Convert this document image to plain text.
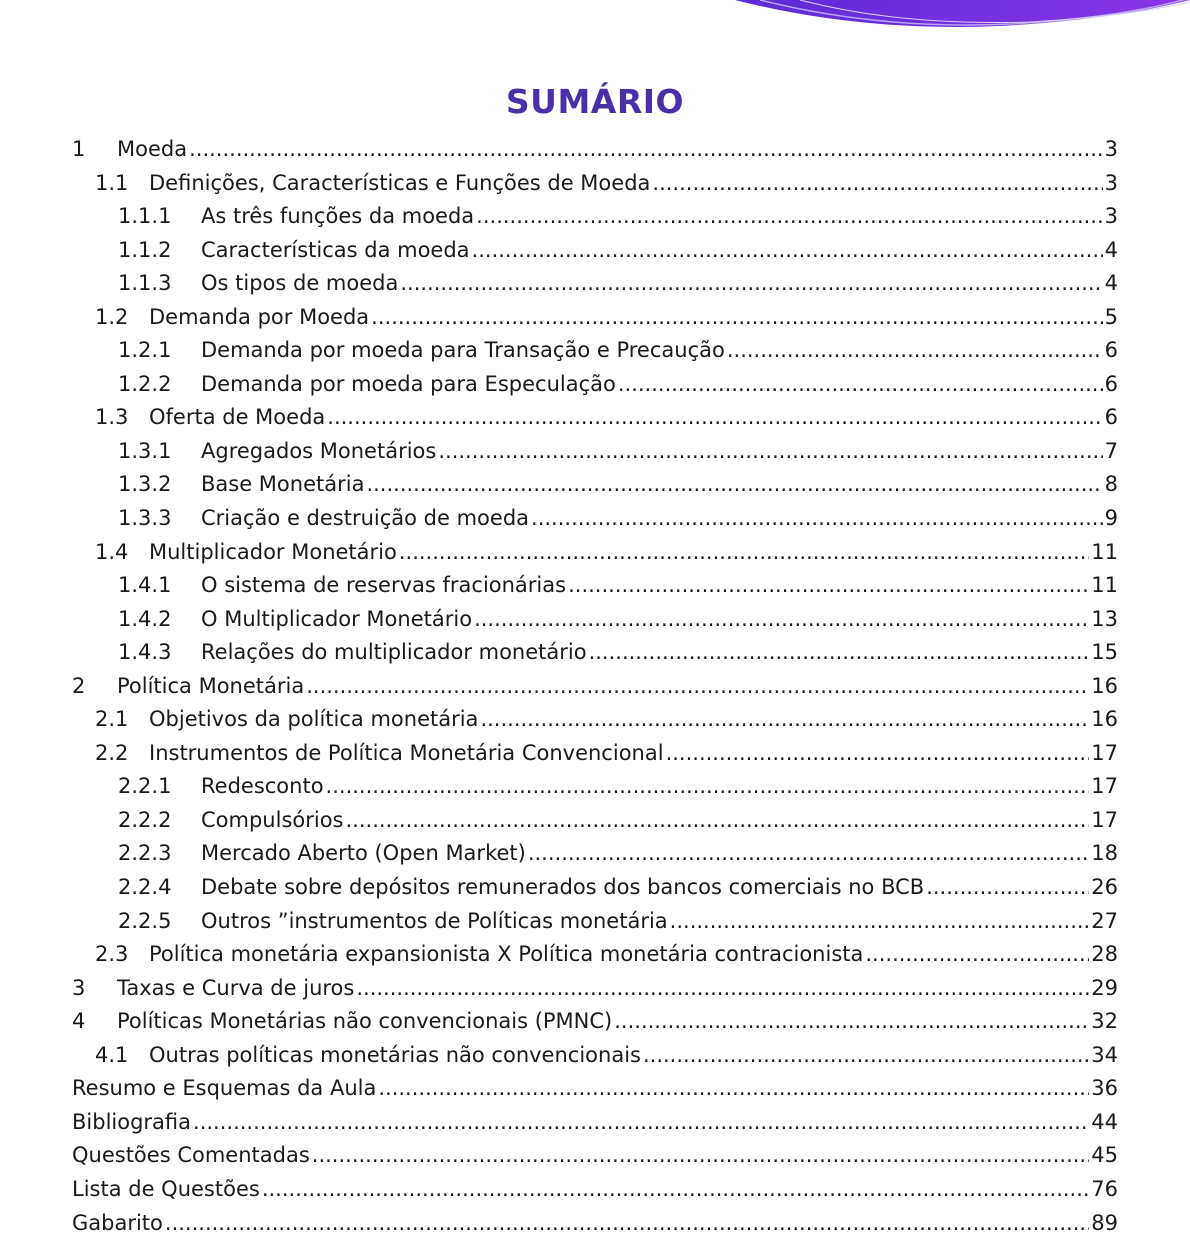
SUMÁRIO
1	Moeda .....	3
1.1 Definições, Características e Funções de Moeda .....	3
1.1.1	As três funções da moeda .....	3
1.1.2	Características da moeda .....	4
1.1.3	Os tipos de moeda .....	4
1.2 Demanda por Moeda .....	5
1.2.1	Demanda por moeda para Transação e Precaução .....	6
1.2.2	Demanda por moeda para Especulação .....	6
1.3 Oferta de Moeda .....	6
1.3.1	Agregados Monetários .....	7
1.3.2	Base Monetária .....	8
1.3.3	Criação e destruição de moeda .....	9
1.4 Multiplicador Monetário .....	11
1.4.1	O sistema de reservas fracionárias .....	11
1.4.2	O Multiplicador Monetário .....	13
1.4.3	Relações do multiplicador monetário .....	15
2	Política Monetária .....	16
2.1 Objetivos da política monetária .....	16
2.2 Instrumentos de Política Monetária Convencional .....	17
2.2.1	Redesconto .....	17
2.2.2	Compulsórios .....	17
2.2.3	Mercado Aberto (Open Market) .....	18
2.2.4	Debate sobre depósitos remunerados dos bancos comerciais no BCB .....	26
2.2.5	Outros ”instrumentos de Políticas monetária .....	27
2.3 Política monetária expansionista X Política monetária contracionista .....	28
3	Taxas e Curva de juros .....	29
4	Políticas Monetárias não convencionais (PMNC) .....	32
4.1 Outras políticas monetárias não convencionais .....	34
Resumo e Esquemas da Aula .....	36
Bibliografia .....	44
Questões Comentadas .....	45
Lista de Questões .....	76
Gabarito .....	89
